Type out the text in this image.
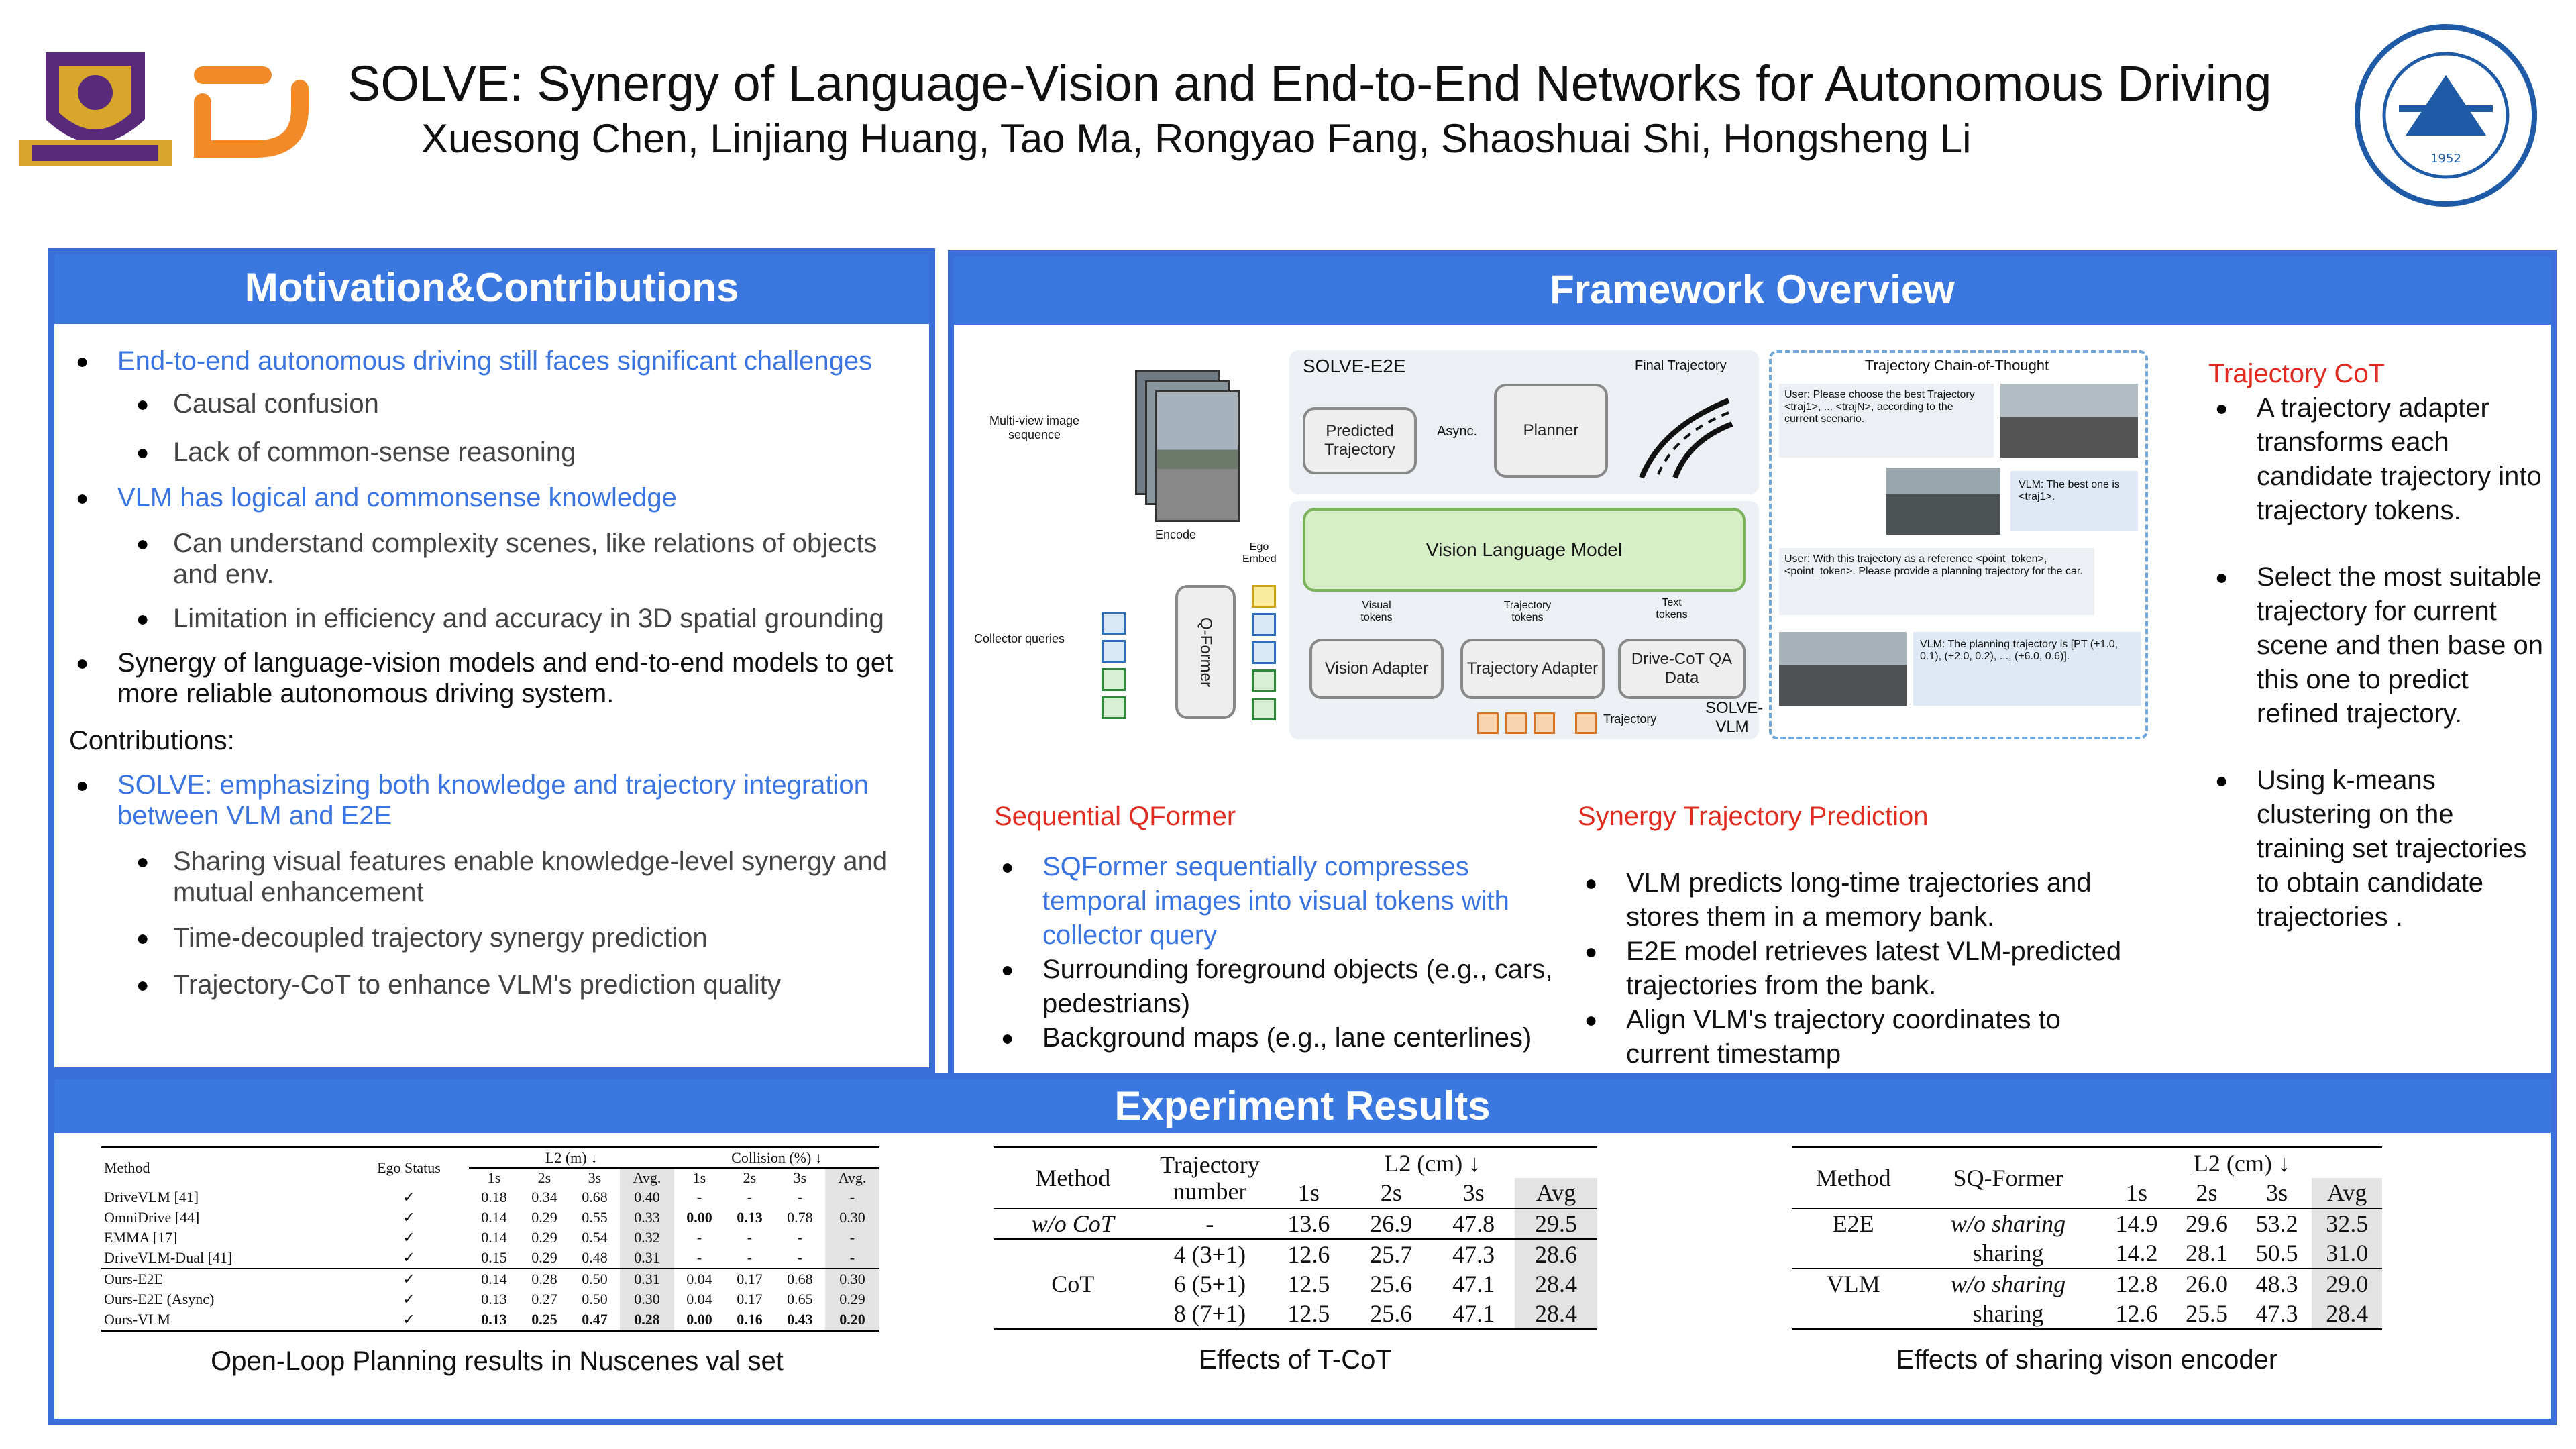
SOLVE: Synergy of Language-Vision and End-to-End Networks for Autonomous Driving
Xuesong Chen, Linjiang Huang, Tao Ma, Rongyao Fang, Shaoshuai Shi, Hongsheng Li	1952
Motivation&Contributions
● End-to-end autonomous driving still faces significant challenges
● Causal confusion
● Lack of common-sense reasoning
● VLM has logical and commonsense knowledge
● Can understand complexity scenes, like relations of objects and env.
● Limitation in efficiency and accuracy in 3D spatial grounding
● Synergy of language-vision models and end-to-end models to get more reliable autonomous driving system.
Contributions:
● SOLVE: emphasizing both knowledge and trajectory integration between VLM and E2E
● Sharing visual features enable knowledge-level synergy and mutual enhancement
● Time-decoupled trajectory synergy prediction
● Trajectory-CoT to enhance VLM's prediction quality
Framework Overview
Multi-view image sequence
Encode
Collector queries	Q-Former
Ego Embed
SOLVE-E2E	Final Trajectory
Predicted Trajectory
Async.	Planner
Vision Language Model
Visual tokens
Trajectory tokens
Text tokens
Vision Adapter Trajectory Adapter
Drive-CoT QA Data
Trajectory
SOLVE-VLM
Trajectory Chain-of-Thought
User: Please choose the best Trajectory <traj1>, ... <trajN>, according to the current scenario.
VLM: The best one is <traj1>.
User: With this trajectory as a reference <point_token>,<point_token>. Please provide a planning trajectory for the car.
VLM: The planning trajectory is [PT (+1.0, 0.1), (+2.0, 0.2), ..., (+6.0, 0.6)].
Trajectory CoT
● A trajectory adapter transforms each candidate trajectory into trajectory tokens.
● Select the most suitable trajectory for current scene and then base on this one to predict refined trajectory.
● Using k-means clustering on the training set trajectories to obtain candidate trajectories .
Sequential QFormer
● SQFormer sequentially compresses temporal images into visual tokens with collector query
● Surrounding foreground objects (e.g., cars, pedestrians)
● Background maps (e.g., lane centerlines)
Synergy Trajectory Prediction
● VLM predicts long-time trajectories and stores them in a memory bank.
● E2E model retrieves latest VLM-predicted trajectories from the bank.
● Align VLM's trajectory coordinates to current timestamp
Experiment Results
Method	Ego Status	L2 (m) ↓				Collision (%) ↓			
		1s	2s	3s	Avg.	1s	2s	3s	Avg.
DriveVLM [41]	✓	0.18	0.34	0.68	0.40	-	-	-	-
OmniDrive [44]	✓	0.14	0.29	0.55	0.33	0.00	0.13	0.78	0.30
EMMA [17]	✓	0.14	0.29	0.54	0.32	-	-	-	-
DriveVLM-Dual [41]	✓	0.15	0.29	0.48	0.31	-	-	-	-
Ours-E2E	✓	0.14	0.28	0.50	0.31	0.04	0.17	0.68	0.30
Ours-E2E (Async)	✓	0.13	0.27	0.50	0.30	0.04	0.17	0.65	0.29
Ours-VLM	✓	0.13	0.25	0.47	0.28	0.00	0.16	0.43	0.20
Open-Loop Planning results in Nuscenes val set
Method	Trajectory number	L2 (cm) ↓			
		1s	2s	3s	Avg
w/o CoT	-	13.6	26.9	47.8	29.5
	4 (3+1)	12.6	25.7	47.3	28.6
CoT	6 (5+1)	12.5	25.6	47.1	28.4
	8 (7+1)	12.5	25.6	47.1	28.4
Effects of T-CoT
Method	SQ-Former	L2 (cm) ↓			
		1s	2s	3s	Avg
E2E	w/o sharing	14.9	29.6	53.2	32.5
	sharing	14.2	28.1	50.5	31.0
VLM	w/o sharing	12.8	26.0	48.3	29.0
	sharing	12.6	25.5	47.3	28.4
Effects of sharing vison encoder
